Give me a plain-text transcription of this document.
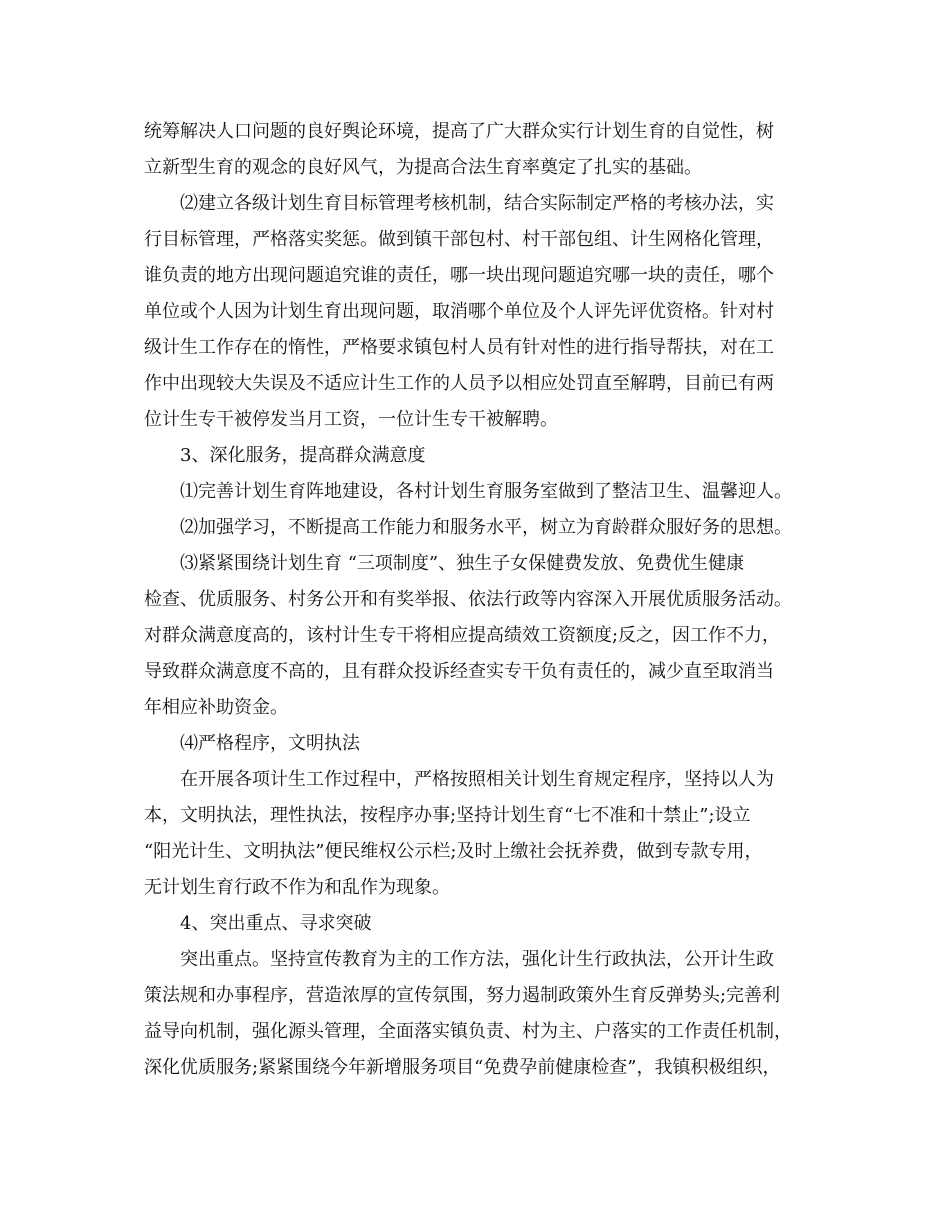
统筹解决人口问题的良好舆论环境，提高了广大群众实行计划生育的自觉性，树
立新型生育的观念的良好风气，为提高合法生育率奠定了扎实的基础。
⑵建立各级计划生育目标管理考核机制，结合实际制定严格的考核办法，实
行目标管理，严格落实奖惩。做到镇干部包村、村干部包组、计生网格化管理，
谁负责的地方出现问题追究谁的责任，哪一块出现问题追究哪一块的责任，哪个
单位或个人因为计划生育出现问题，取消哪个单位及个人评先评优资格。针对村
级计生工作存在的惰性，严格要求镇包村人员有针对性的进行指导帮扶，对在工
作中出现较大失误及不适应计生工作的人员予以相应处罚直至解聘，目前已有两
位计生专干被停发当月工资，一位计生专干被解聘。
3、深化服务，提高群众满意度
⑴完善计划生育阵地建设，各村计划生育服务室做到了整洁卫生、温馨迎人。
⑵加强学习，不断提高工作能力和服务水平，树立为育龄群众服好务的思想。
⑶紧紧围绕计划生育 “三项制度”、独生子女保健费发放、免费优生健康
检查、优质服务、村务公开和有奖举报、依法行政等内容深入开展优质服务活动。
对群众满意度高的，该村计生专干将相应提高绩效工资额度;反之，因工作不力，
导致群众满意度不高的，且有群众投诉经查实专干负有责任的，减少直至取消当
年相应补助资金。
⑷严格程序，文明执法
在开展各项计生工作过程中，严格按照相关计划生育规定程序，坚持以人为
本，文明执法，理性执法，按程序办事;坚持计划生育“七不准和十禁止”;设立
“阳光计生、文明执法”便民维权公示栏;及时上缴社会抚养费，做到专款专用，
无计划生育行政不作为和乱作为现象。
4、突出重点、寻求突破
突出重点。坚持宣传教育为主的工作方法，强化计生行政执法，公开计生政
策法规和办事程序，营造浓厚的宣传氛围，努力遏制政策外生育反弹势头;完善利
益导向机制，强化源头管理，全面落实镇负责、村为主、户落实的工作责任机制，
深化优质服务;紧紧围绕今年新增服务项目“免费孕前健康检查”，我镇积极组织，
